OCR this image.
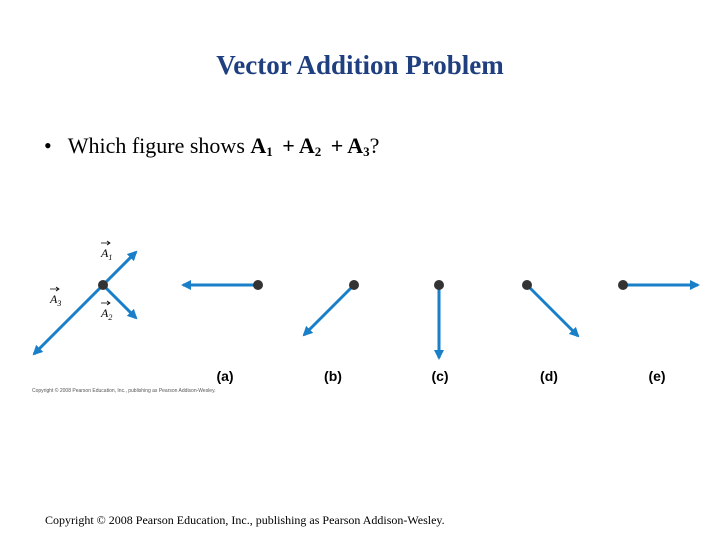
Vector Addition Problem
• Which figure shows $A_1 + A_2 + A_3$?
$A_1$
$A_2$
$A_3$
(a)	(b)	(c)	(d)	(e)
Copyright © 2008 Pearson Education, Inc., publishing as Pearson Addison-Wesley.
Copyright © 2008 Pearson Education, Inc., publishing as Pearson Addison-Wesley.
